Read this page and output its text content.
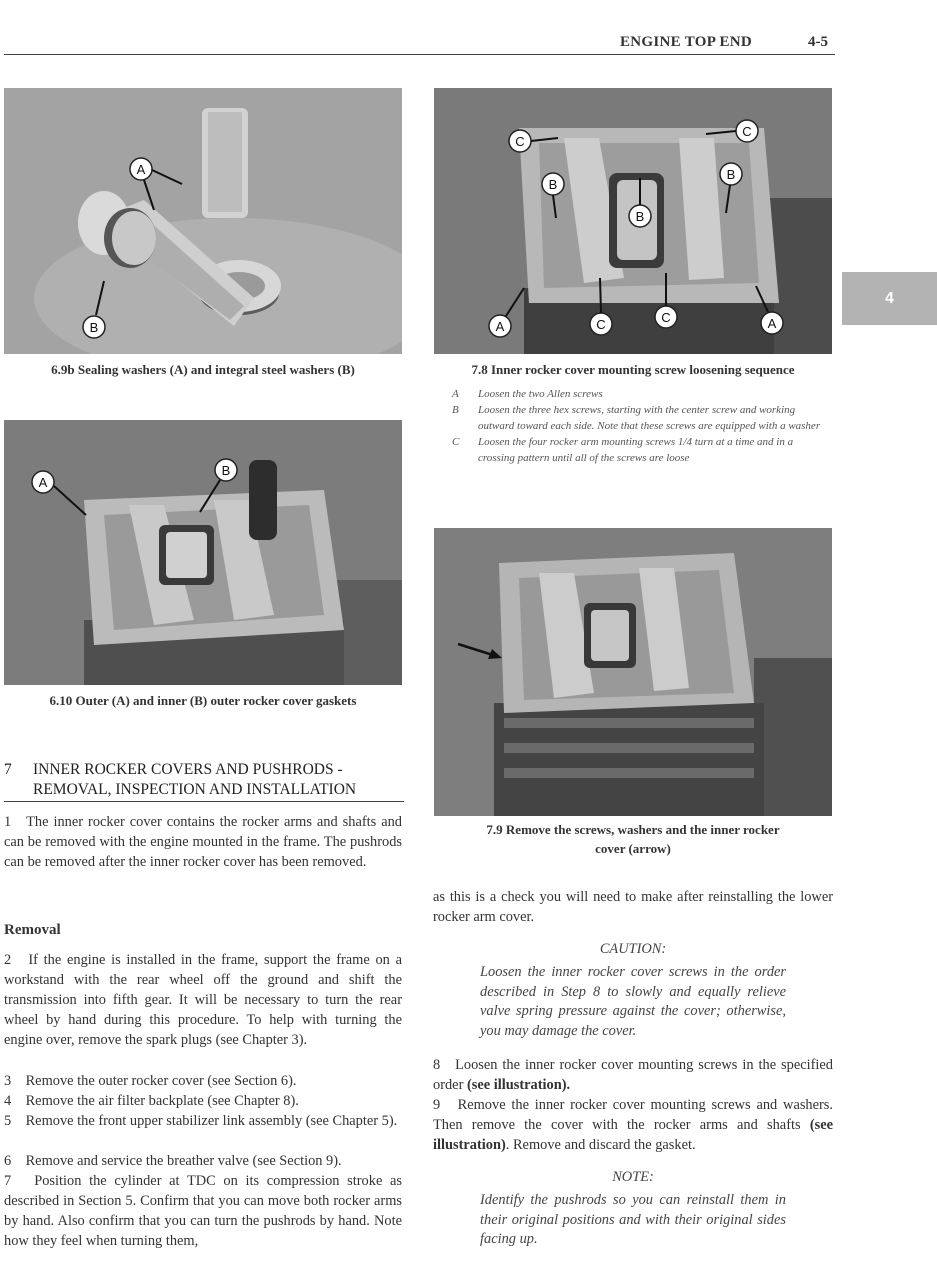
ENGINE TOP END	4-5
4
A
B
6.9b Sealing washers (A) and integral steel washers (B)
A
B
6.10 Outer (A) and inner (B) outer rocker cover gaskets
C
C
B
B
B
A	C	C	A
7.8 Inner rocker cover mounting screw loosening sequence
A	Loosen the two Allen screws
B	Loosen the three hex screws, starting with the center screw and working outward toward each side. Note that these screws are equipped with a washer
C	Loosen the four rocker arm mounting screws 1/4 turn at a time and in a crossing pattern until all of the screws are loose
7.9 Remove the screws, washers and the inner rocker
cover (arrow)
7 INNER ROCKER COVERS AND PUSHRODS -
REMOVAL, INSPECTION AND INSTALLATION
1   The inner rocker cover contains the rocker arms and shafts and can be removed with the engine mounted in the frame. The pushrods can be removed after the inner rocker cover has been removed.
Removal
2   If the engine is installed in the frame, support the frame on a workstand with the rear wheel off the ground and shift the transmission into fifth gear. It will be necessary to turn the rear wheel by hand during this procedure. To help with turning the engine over, remove the spark plugs (see Chapter 3).
3    Remove the outer rocker cover (see Section 6).
4    Remove the air filter backplate (see Chapter 8).
5    Remove the front upper stabilizer link assembly (see Chapter 5).
6    Remove and service the breather valve (see Section 9).
7   Position the cylinder at TDC on its compression stroke as described in Section 5. Confirm that you can move both rocker arms by hand. Also confirm that you can turn the pushrods by hand. Note how they feel when turning them,
as this is a check you will need to make after reinstalling the lower rocker arm cover.
CAUTION:
Loosen the inner rocker cover screws in the order described in Step 8 to slowly and equally relieve valve spring pressure against the cover; otherwise, you may damage the cover.
8   Loosen the inner rocker cover mounting screws in the specified order (see illustration).
9   Remove the inner rocker cover mounting screws and washers. Then remove the cover with the rocker arms and shafts (see illustration). Remove and discard the gasket.
NOTE:
Identify the pushrods so you can reinstall them in their original positions and with their original sides facing up.
